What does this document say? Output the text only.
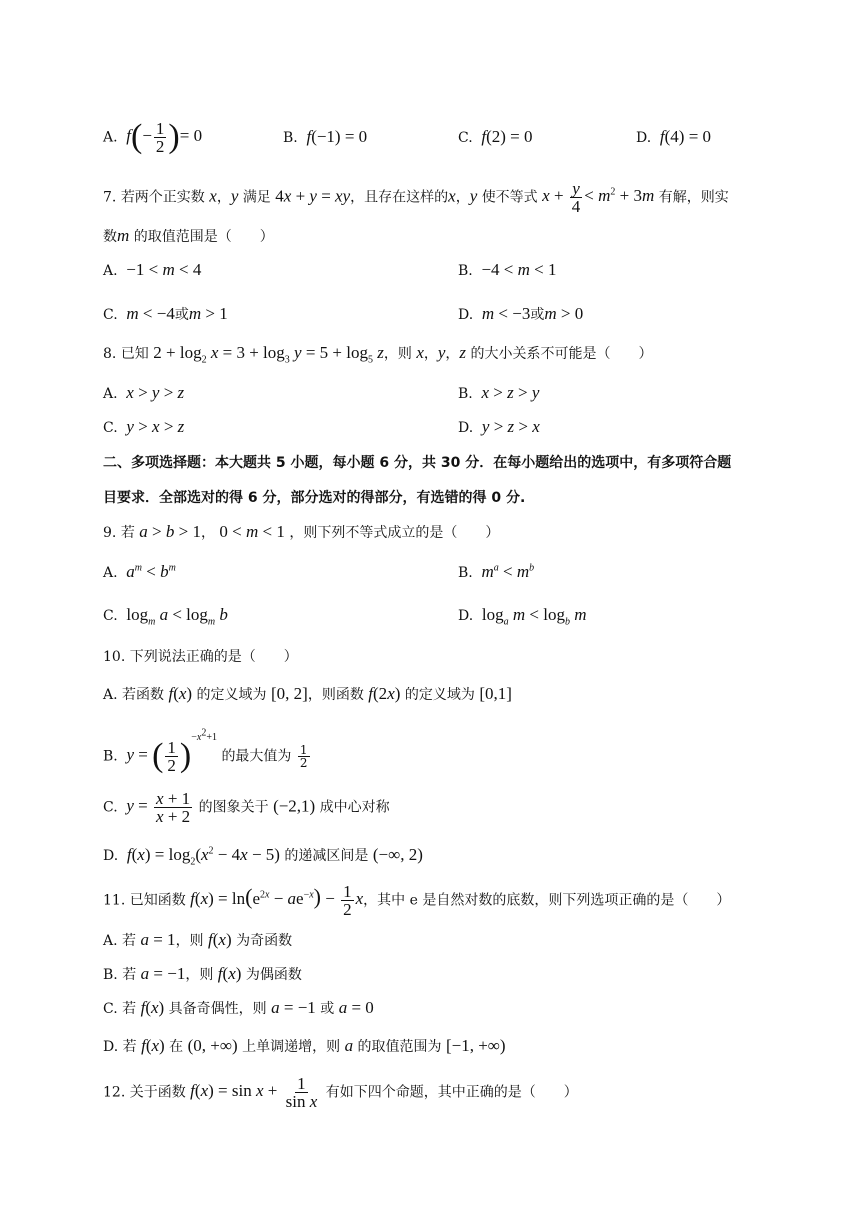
A. $f(- \frac{1}{2}$ )= 0	B. f(−1) = 0	C. f(2) = 0	D. f(4) = 0
7. 若两个正实数 x，y 满足 4x + y = xy，且存在这样的x，y 使不等式 $x + \frac{y}{4} < m^2 + 3m$ 有解，则实
数m 的取值范围是（　　）
A.  −1 < m < 4	B.  −4 < m < 1
C. m < −4或m > 1	D. m < −3或m > 0
8. 已知 $2 + \log_2 x = 3 + \log_3 y = 5 + \log_5 z$，则 x，y，z 的大小关系不可能是（　　）
A. x > y > z	B. x > z > y
C. y > x > z	D. y > z > x
二、多项选择题：本大题共 5 小题，每小题 6 分，共 30 分．在每小题给出的选项中，有多项符合题
目要求．全部选对的得 6 分，部分选对的得部分，有选错的得 0 分.
9. 若 a > b > 1， 0 < m < 1 ，则下列不等式成立的是（　　）
A. $a^m < b^m$	B. $m^a < m^b$
C.  $\log_m a < \log_m b$	D.  $\log_a m < \log_b m$
10. 下列说法正确的是（　　）
A. 若函数 f(x) 的定义域为 [0, 2]，则函数 f(2x) 的定义域为 [0,1]
B. y = ( $\frac{1}{2} )^{-x^2+1}$ 的最大值为 $\frac{1}{2}$
C. $y = \frac{x + 1}{x + 2}$ 的图象关于 (−2,1) 成中心对称
D. $f(x) = \log_2(x^2 - 4x - 5)$ 的递减区间是 (−∞, 2)
11. 已知函数 $f(x) = \ln(e^{2x} - ae^{-x}) - \frac{1}{2}$ x，其中 e 是自然对数的底数，则下列选项正确的是（　　）
A. 若 a = 1，则 f(x) 为奇函数
B. 若 a = −1，则 f(x) 为偶函数
C. 若 f(x) 具备奇偶性，则 a = −1 或 a = 0
D. 若 f(x) 在 (0, +∞) 上单调递增，则 a 的取值范围为 [−1, +∞)
12. 关于函数 $f(x) = \sin x + \frac{1}{\text{sin x}}$ 有如下四个命题，其中正确的是（　　）
